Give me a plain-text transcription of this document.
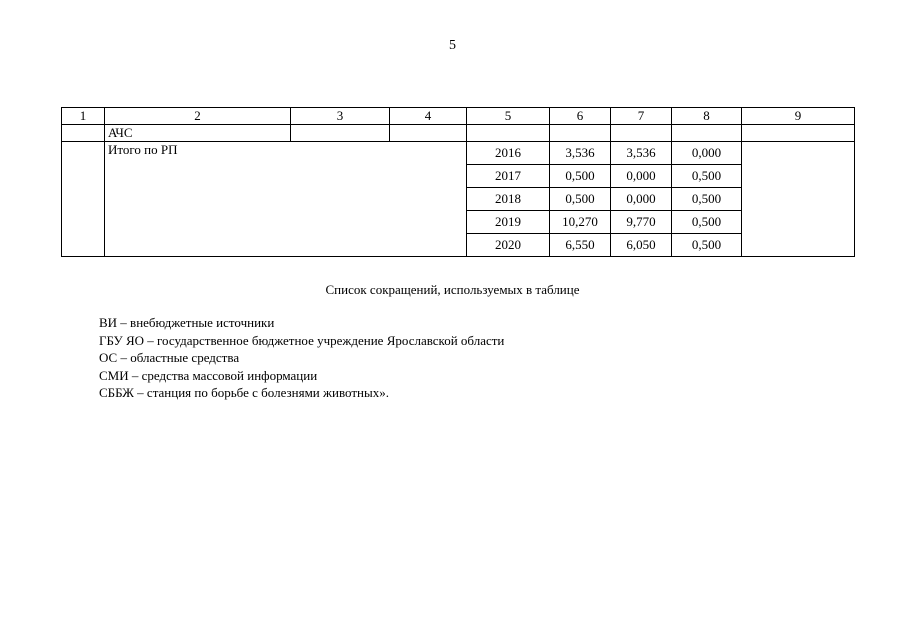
5
1	2	3	4	5	6	7	8	9
	АЧС							
	Итого по РП			2016	3,536	3,536	0,000	
				2017	0,500	0,000	0,500	
				2018	0,500	0,000	0,500	
				2019	10,270	9,770	0,500	
				2020	6,550	6,050	0,500	
Список сокращений, используемых в таблице
ВИ – внебюджетные источники
ГБУ ЯО – государственное бюджетное учреждение Ярославской области
ОС – областные средства
СМИ – средства массовой информации
СББЖ – станция по борьбе с болезнями животных».
